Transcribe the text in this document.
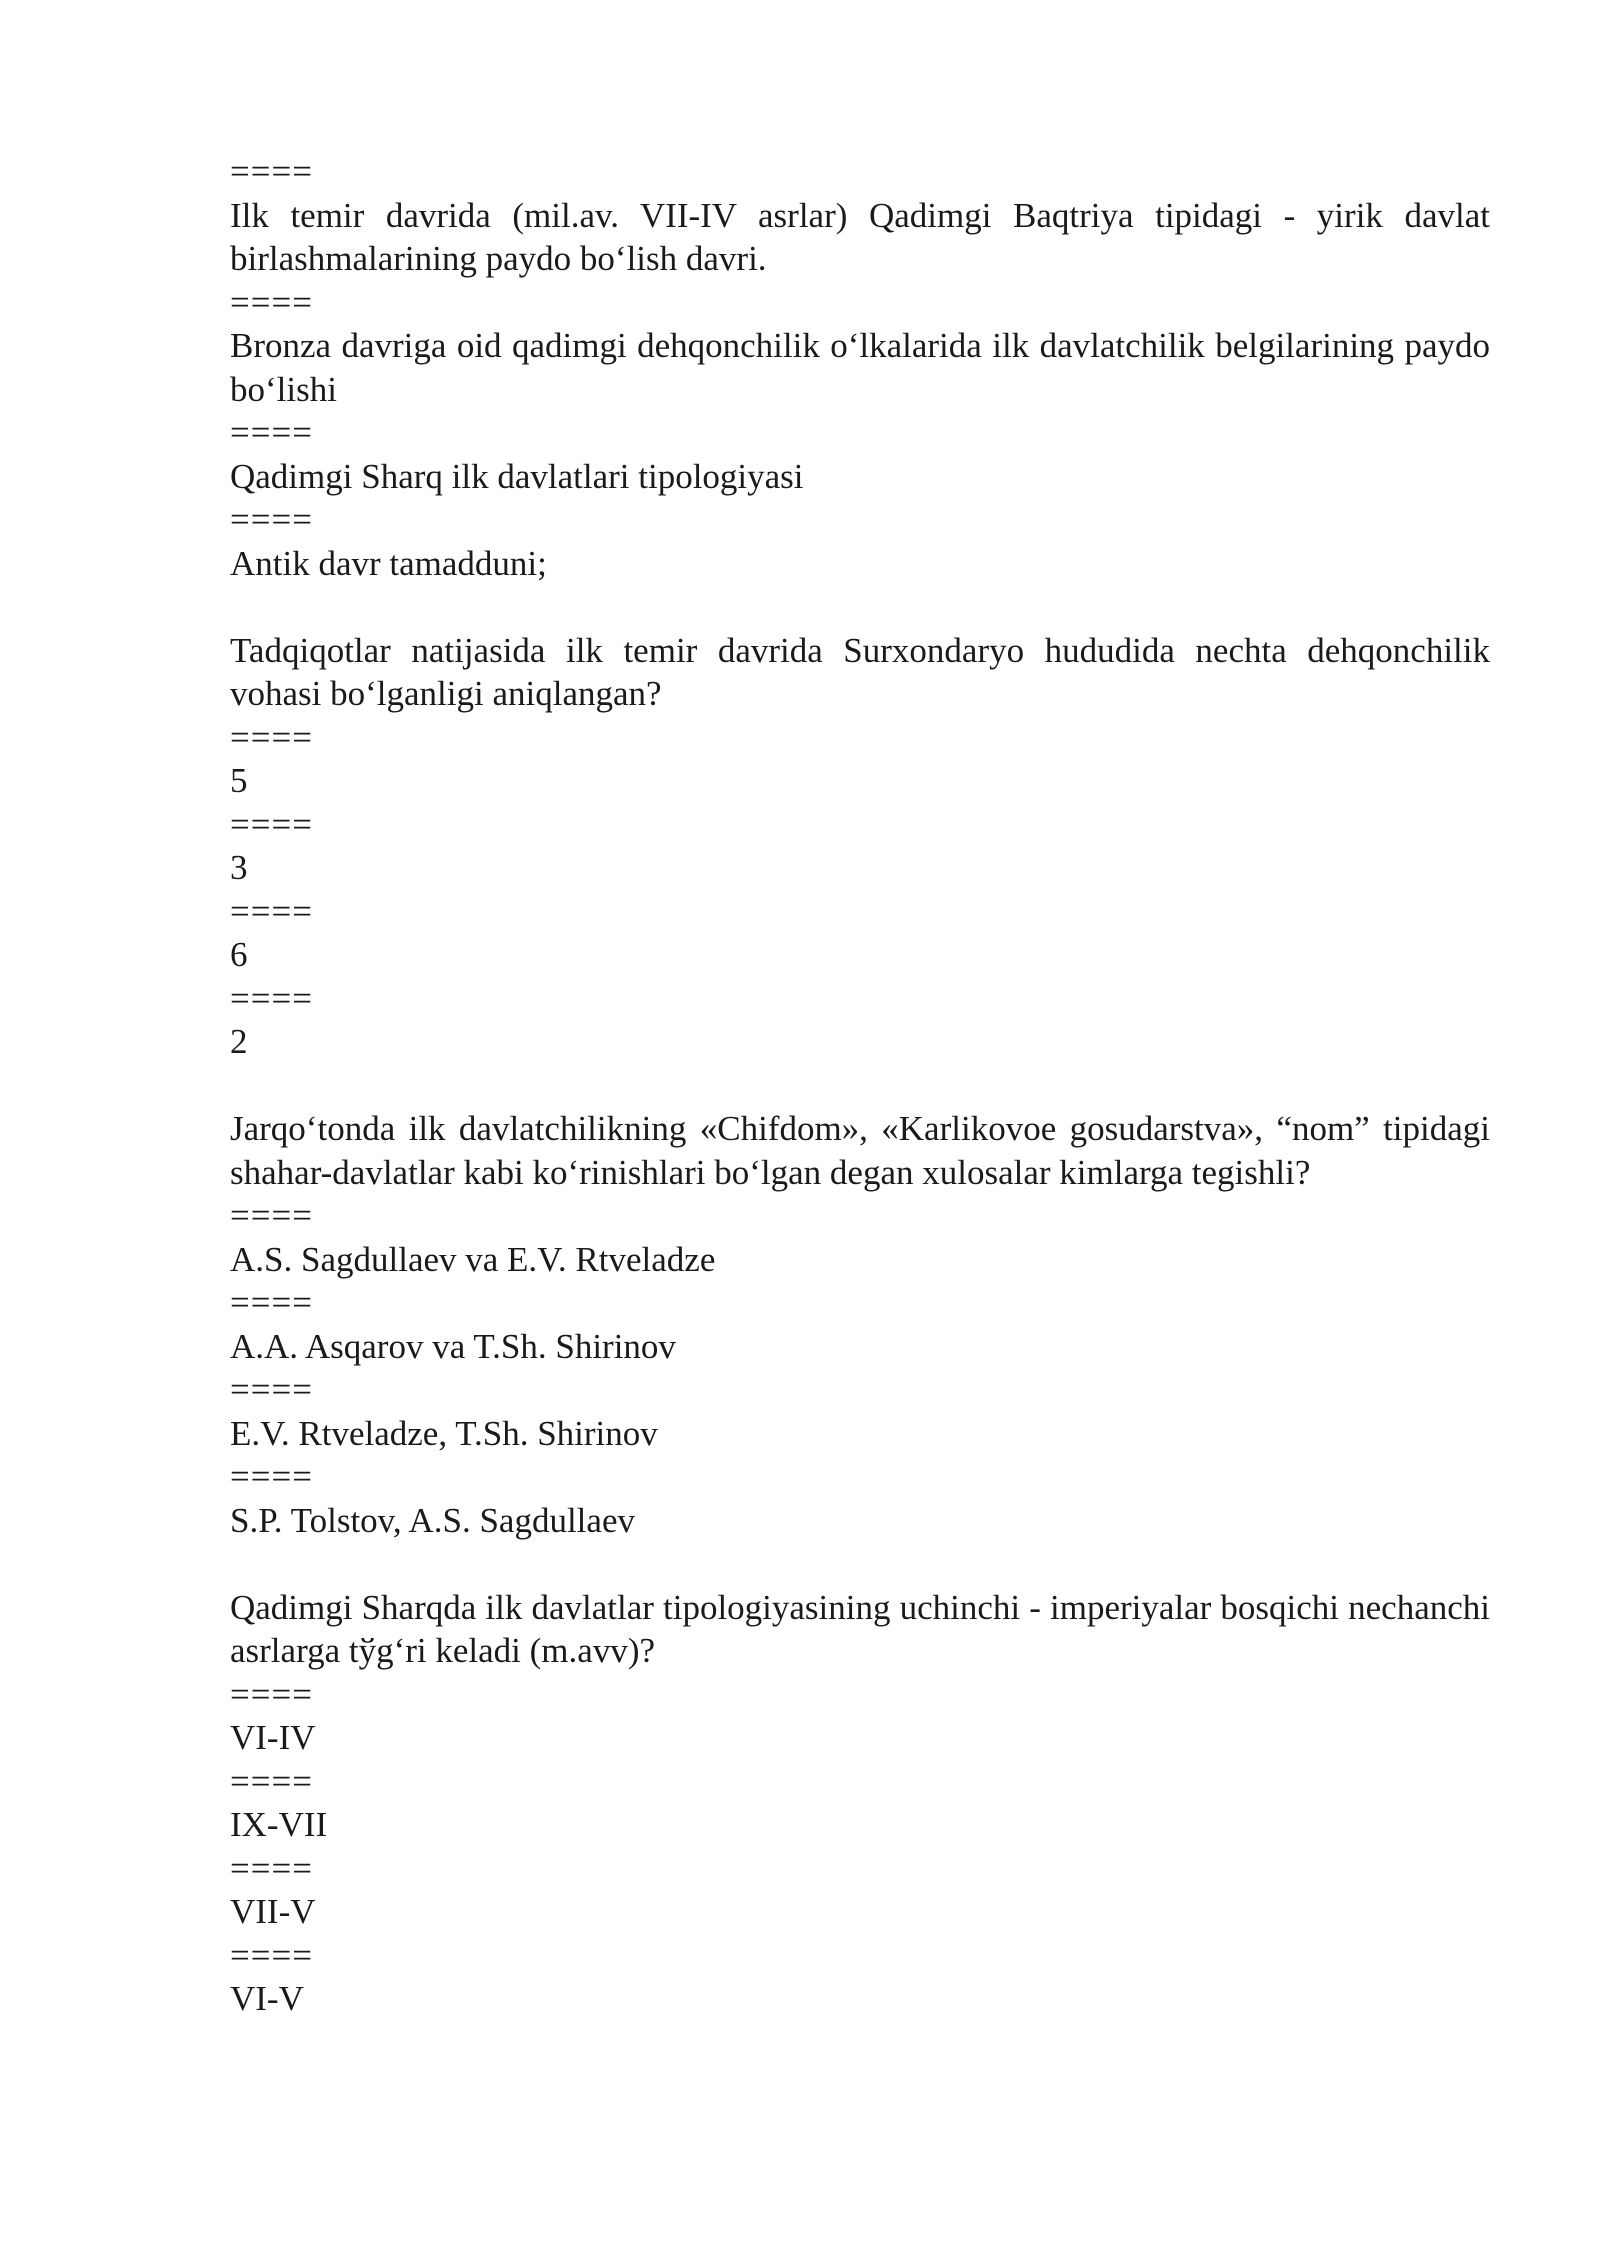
====

Ilk temir davrida (mil.av. VII-IV asrlar) Qadimgi Baqtriya tipidagi - yirik davlat birlashmalarining paydo bo‘lish davri.

====

Bronza davriga oid qadimgi dehqonchilik o‘lkalarida ilk davlatchilik belgilarining paydo bo‘lishi

====

Qadimgi Sharq ilk davlatlari tipologiyasi

====

Antik davr tamadduni;

Tadqiqotlar natijasida ilk temir davrida Surxondaryo hududida nechta dehqonchilik vohasi bo‘lganligi aniqlangan?

====

5

====

3

====

6

====

2

Jarqo‘tonda ilk davlatchilikning «Chifdom», «Karlikovoe gosudarstva», “nom” tipidagi shahar-davlatlar kabi ko‘rinishlari bo‘lgan degan xulosalar kimlarga tegishli?

====

A.S. Sagdullaev va E.V. Rtveladze

====

A.A. Asqarov va T.Sh. Shirinov

====

E.V. Rtveladze, T.Sh. Shirinov

====

S.P. Tolstov, A.S. Sagdullaev

Qadimgi Sharqda ilk davlatlar tipologiyasining uchinchi - imperiyalar bosqichi nechanchi asrlarga tўg‘ri keladi (m.avv)?

====

VI-IV

====

IX-VII

====

VII-V

====

VI-V
